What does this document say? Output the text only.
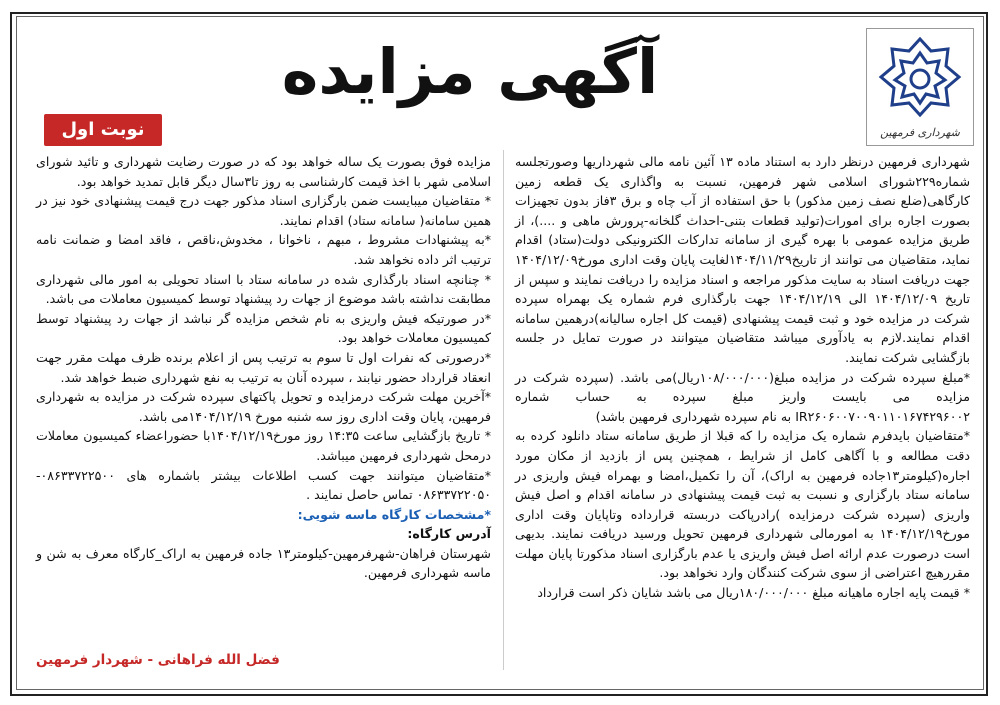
شهرداری فرمهین
آگهی مزایده
نوبت اول

شهرداری فرمهین درنظر دارد به استناد ماده ۱۳ آئین نامه مالی شهرداریها وصورتجلسه شماره۲۲۹شورای اسلامی شهر فرمهین، نسبت به واگذاری یک قطعه زمین کارگاهی(ضلع نصف زمین مذکور) با حق استفاده از آب چاه و برق ۳فاز بدون تجهیزات بصورت اجاره برای امورات(تولید قطعات بتنی-احداث گلخانه-پرورش ماهی و ....)، از طریق مزایده عمومی با بهره گیری از سامانه تدارکات الکترونیکی دولت(ستاد) اقدام نماید، متقاضیان می توانند از تاریخ۱۴۰۴/۱۱/۲۹لغایت پایان وقت اداری مورخ۱۴۰۴/۱۲/۰۹ جهت دریافت اسناد به سایت مذکور مراجعه و اسناد مزایده را دریافت نمایند و سپس از تاریخ ۱۴۰۴/۱۲/۰۹ الی ۱۴۰۴/۱۲/۱۹ جهت بارگذاری فرم شماره یک بهمراه سپرده شرکت در مزایده خود و ثبت قیمت پیشنهادی (قیمت کل اجاره سالیانه)درهمین سامانه اقدام نمایند.لازم به یادآوری میباشد متقاضیان میتوانند در صورت تمایل در جلسه بازگشایی شرکت نمایند.

*مبلغ سپرده شرکت در مزایده مبلغ(۱۰۸/۰۰۰/۰۰۰ریال)می باشد. (سپرده شرکت در مزایده می بایست واریز مبلغ سپرده به حساب شماره IR۲۶۰۶۰۰۷۰۰۹۰۱۱۰۱۶۷۴۲۹۶۰۰۲ به نام سپرده شهرداری فرمهین باشد)

*متقاضیان بایدفرم شماره یک مزایده را که قبلا از طریق سامانه ستاد دانلود کرده به دقت مطالعه و با آگاهی کامل از شرایط ، همچنین پس از بازدید از مکان مورد اجاره(کیلومتر۱۳جاده فرمهین به اراک)، آن را تکمیل،امضا و بهمراه فیش واریزی در سامانه ستاد بارگزاری و نسبت به ثبت قیمت پیشنهادی در سامانه اقدام و اصل فیش واریزی (سپرده شرکت درمزایده )رادرپاکت دربسته قرارداده وتاپایان وقت اداری مورخ۱۴۰۴/۱۲/۱۹ به امورمالی شهرداری فرمهین تحویل ورسید دریافت نمایند. بدیهی است درصورت عدم ارائه اصل فیش واریزی یا عدم بارگزاری اسناد مذکورتا پایان مهلت مقررهیچ اعتراضی از سوی شرکت کنندگان وارد نخواهد بود.

* قیمت پایه اجاره ماهیانه مبلغ ۱۸۰/۰۰۰/۰۰۰ریال می باشد شایان ذکر است قرارداد

مزایده فوق بصورت یک ساله خواهد بود که در صورت رضایت شهرداری و تائید شورای اسلامی شهر با اخذ قیمت کارشناسی به روز تا۳سال دیگر قابل تمدید خواهد بود.

* متقاضیان میبایست ضمن بارگزاری اسناد مذکور جهت درج قیمت پیشنهادی خود نیز در همین سامانه( سامانه ستاد) اقدام نمایند.

*به پیشنهادات مشروط ، مبهم ، ناخوانا ، مخدوش،ناقص ، فاقد امضا و ضمانت نامه ترتیب اثر داده نخواهد شد.

* چنانچه اسناد بارگذاری شده در سامانه ستاد با اسناد تحویلی به امور مالی شهرداری مطابقت نداشته باشد موضوع از جهات رد پیشنهاد توسط کمیسیون معاملات می باشد.

*در صورتیکه فیش واریزی به نام شخص مزایده گر نباشد از جهات رد پیشنهاد توسط کمیسیون معاملات خواهد بود.

*درصورتی که نفرات اول تا سوم به ترتیب پس از اعلام برنده ظرف مهلت مقرر جهت انعقاد قرارداد حضور نیابند ، سپرده آنان به ترتیب به نفع شهرداری ضبط خواهد شد.

*آخرین مهلت شرکت درمزایده و تحویل پاکتهای سپرده شرکت در مزایده به شهرداری فرمهین، پایان وقت اداری روز سه شنبه مورخ ۱۴۰۴/۱۲/۱۹می باشد.

* تاریخ بازگشایی ساعت ۱۴:۳۵ روز مورخ۱۴۰۴/۱۲/۱۹با حضوراعضاء کمیسیون معاملات درمحل شهرداری فرمهین میباشد.

*متقاضیان میتوانند جهت کسب اطلاعات بیشتر باشماره های ۰۸۶۳۳۷۲۲۵۰۰- ۰۸۶۳۳۷۲۲۰۵۰ تماس حاصل نمایند .

*مشخصات کارگاه ماسه شویی:

آدرس کارگاه:

شهرستان فراهان-شهرفرمهین-کیلومتر۱۳ جاده فرمهین به اراک_کارگاه معرف به شن و ماسه شهرداری فرمهین.

فضل الله فراهانی - شهردار فرمهین
